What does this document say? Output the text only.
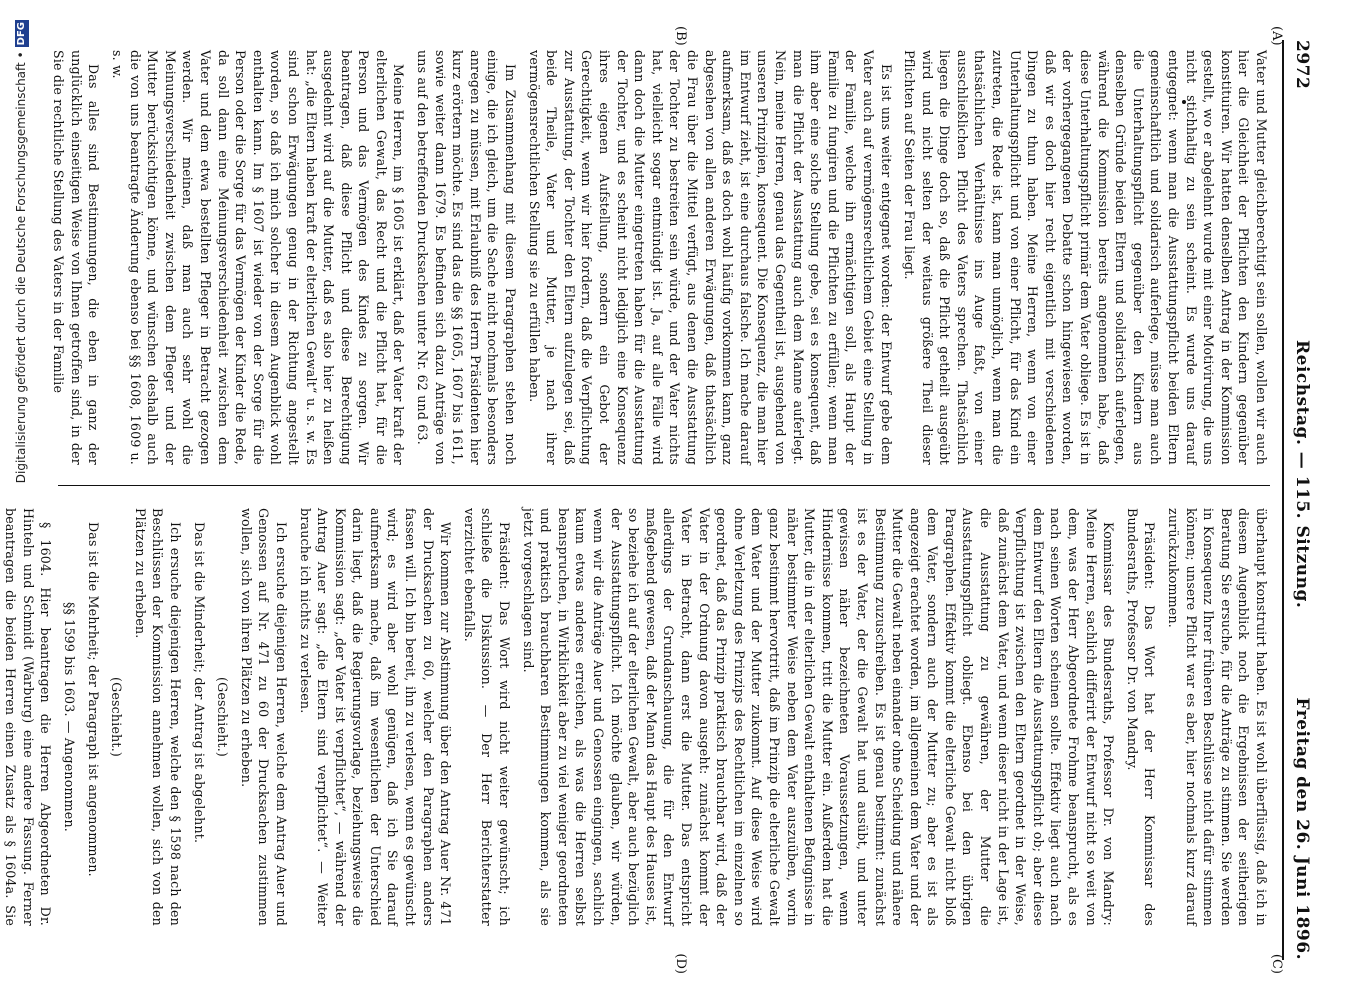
2972
Reichstag. — 115. Sitzung.
Freitag den 26. Juni 1896.
(A)
(B)
(C)
(D)

Vater und Mutter gleichberechtigt sein sollen, wollen wir auch hier die Gleichheit der Pflichten den Kindern gegenüber konstituiren. Wir hatten denselben Antrag in der Kommission gestellt, wo er abgelehnt wurde mit einer Motivirung, die uns nicht stichhaltig zu sein scheint. Es wurde uns darauf entgegnet: wenn man die Ausstattungspflicht beiden Eltern gemeinschaftlich und solidarisch auferlege, müsse man auch die Unterhaltungspflicht gegenüber den Kindern aus denselben Gründe beiden Eltern und solidarisch auferlegen, während die Kommission bereits angenommen habe, daß diese Unterhaltungspflicht primär dem Vater obliege. Es ist in der vorhergegangenen Debatte schon hingewiesen worden, daß wir es doch hier recht eigentlich mit verschiedenen Dingen zu thun haben. Meine Herren, wenn von einer Unterhaltungspflicht und von einer Pflicht, für das Kind ein zutreten, die Rede ist, kann man unmöglich, wenn man die thatsächlichen Verhältnisse ins Auge faßt, von einer ausschließlichen Pflicht des Vaters sprechen. Thatsächlich liegen die Dinge doch so, daß die Pflicht getheilt ausgeübt wird und nicht selten der weitaus größere Theil dieser Pflichten auf Seiten der Frau liegt.

Es ist uns weiter entgegnet worden: der Entwurf gebe dem Vater auch auf vermögensrechtlichem Gebiet eine Stellung in der Familie, welche ihn ermächtigen soll, als Haupt der Familie zu fungiren und die Pflichten zu erfüllen; wenn man ihm aber eine solche Stellung gebe, sei es konsequent, daß man die Pflicht der Ausstattung auch dem Manne auferlegt. Nein, meine Herren, genau das Gegentheil ist, ausgehend von unseren Prinzipien, konsequent. Die Konsequenz, die man hier im Entwurf zieht, ist eine durchaus falsche. Ich mache darauf aufmerksam, daß es doch wohl häufig vorkommen kann, ganz abgesehen von allen anderen Erwägungen, daß thatsächlich die Frau über die Mittel verfügt, aus denen die Ausstattung der Tochter zu bestreiten sein würde, und der Vater nichts hat, vielleicht sogar entmündigt ist. Ja, auf alle Fälle wird dann doch die Mutter eingetreten haben für die Ausstattung der Tochter, und es scheint nicht lediglich eine Konsequenz ihres eigenen Aufstellung, sondern ein Gebot der Gerechtigkeit, wenn wir hier fordern, daß die Verpflichtung zur Ausstattung, der Tochter den Eltern aufzulegen sei, daß beide Theile, Vater und Mutter, je nach ihrer vermögensrechtlichen Stellung sie zu erfüllen haben.

Im Zusammenhang mit diesem Paragraphen stehen noch einige, die ich gleich, um die Sache nicht nochmals besonders anregen zu müssen, mit Erlaubniß des Herrn Präsidenten hier kurz erörtern möchte. Es sind das die §§ 1605, 1607 bis 1611, sowie weiter dann 1679. Es befinden sich dazu Anträge von uns auf den betreffenden Drucksachen unter Nr. 62 und 63.

Meine Herren, im § 1605 ist erklärt, daß der Vater kraft der elterlichen Gewalt, das Recht und die Pflicht hat, für die Person und das Vermögen des Kindes zu sorgen. Wir beantragen, daß diese Pflicht und diese Berechtigung ausgedehnt wird auf die Mutter, daß es also hier zu heißen hat: „die Eltern haben kraft der elterlichen Gewalt“ u. s. w. Es sind schon Erwägungen genug in der Richtung angestellt worden, so daß ich mich solcher in diesem Augenblick wohl enthalten kann. Im § 1607 ist wieder von der Sorge für die Person oder die Sorge für das Vermögen der Kinder die Rede, da soll dann eine Meinungsverschiedenheit zwischen dem Vater und dem etwa bestellten Pfleger in Betracht gezogen werden. Wir meinen, daß man auch sehr wohl die Meinungsverschiedenheit zwischen dem Pfleger und der Mutter berücksichtigen könne, und wünschen deshalb auch die von uns beantragte Änderung ebenso bei §§ 1608, 1609 u. s. w.

Das alles sind Bestimmungen, die eben in ganz der unglücklich einseitigen Weise von Ihnen getroffen sind, in der Sie die rechtliche Stellung des Vaters in der Familie

überhaupt konstruirt haben. Es ist wohl überflüssig, daß ich in diesem Augenblick noch die Ergebnissen der seitherigen Beratung Sie ersuche, für die Anträge zu stimmen. Sie werden in Konsequenz Ihrer früheren Beschlüsse nicht dafür stimmen können; unsere Pflicht war es aber, hier nochmals kurz darauf zurückzukommen.

Präsident: Das Wort hat der Herr Kommissar des Bundesraths, Professor Dr. von Mandry.

Kommissar des Bundesraths, Professor Dr. von Mandry: Meine Herren, sachlich differirt der Entwurf nicht so weit von dem, was der Herr Abgeordnete Frohme beansprucht, als es nach seinen Worten scheinen sollte. Effektiv liegt auch nach dem Entwurf den Eltern die Ausstattungspflicht ob; aber diese Verpflichtung ist zwischen den Eltern geordnet in der Weise, daß zunächst dem Vater, und wenn dieser nicht in der Lage ist, die Ausstattung zu gewähren, der Mutter die Ausstattungspflicht obliegt. Ebenso bei den übrigen Paragraphen. Effektiv kommt die elterliche Gewalt nicht bloß dem Vater, sondern auch der Mutter zu; aber es ist als angezeigt erachtet worden, im allgemeinen dem Vater und der Mutter die Gewalt neben einander ohne Scheidung und nähere Bestimmung zuzuschreiben. Es ist genau bestimmt: zunächst ist es der Vater, der die Gewalt hat und ausübt, und unter gewissen näher bezeichneten Voraussetzungen, wenn Hindernisse kommen, tritt die Mutter ein. Außerdem hat die Mutter, die in der elterlichen Gewalt enthaltenen Befugnisse in näher bestimmter Weise neben dem Vater auszuüben, worin ganz bestimmt hervortritt, daß im Prinzip die elterliche Gewalt dem Vater und der Mutter zukommt. Auf diese Weise wird ohne Verletzung des Prinzips des Rechtlichen im einzelnen so geordnet, daß das Prinzip praktisch brauchbar wird, daß der Vater in der Ordnung davon ausgeht: zunächst kommt der Vater in Betracht, dann erst die Mutter. Das entspricht allerdings der Grundanschauung, die für den Entwurf maßgebend gewesen, daß der Mann das Haupt des Hauses ist, so beziehe ich auf der elterlichen Gewalt, aber auch bezüglich der Ausstattungspflicht. Ich möchte glauben, wir würden, wenn wir die Anträge Auer und Genossen eingingen, sachlich kaum etwas anderes erreichen, als was die Herren selbst beanspruchen, in Wirklichkeit aber zu viel weniger geordneten und praktisch brauchbaren Bestimmungen kommen, als sie jetzt vorgeschlagen sind.

Präsident: Das Wort wird nicht weiter gewünscht; ich schließe die Diskussion. — Der Herr Berichterstatter verzichtet ebenfalls.

Wir kommen zur Abstimmung über den Antrag Auer Nr. 471 der Drucksachen zu 60, welcher den Paragraphen anders fassen will. Ich bin bereit, ihn zu verlesen, wenn es gewünscht wird; es wird aber wohl genügen, daß ich Sie darauf aufmerksam mache, daß im wesentlichen der Unterschied darin liegt, daß die Regierungsvorlage, beziehungsweise die Kommission sagt: „der Vater ist verpflichtet“, — während der Antrag Auer sagt: „die Eltern sind verpflichtet“. — Weiter brauche ich nichts zu verlesen.

Ich ersuche diejenigen Herren, welche dem Antrag Auer und Genossen auf Nr. 471 zu 60 der Drucksachen zustimmen wollen, sich von ihren Plätzen zu erheben.

(Geschieht.)

Das ist die Minderheit; der Antrag ist abgelehnt.

Ich ersuche diejenigen Herren, welche den § 1598 nach den Beschlüssen der Kommission annehmen wollen, sich von den Plätzen zu erheben.

(Geschieht.)

Das ist die Mehrheit; der Paragraph ist angenommen.

§§ 1599 bis 1603. — Angenommen.

§ 1604. Hier beantragen die Herren Abgeordneten Dr. Hinteln und Schmidt (Warburg) eine andere Fassung. Ferner beantragen die beiden Herren einen Zusatz als § 1604a. Sie

Digitalisierung gefördert durch die Deutsche Forschungsgemeinschaft •DFG
